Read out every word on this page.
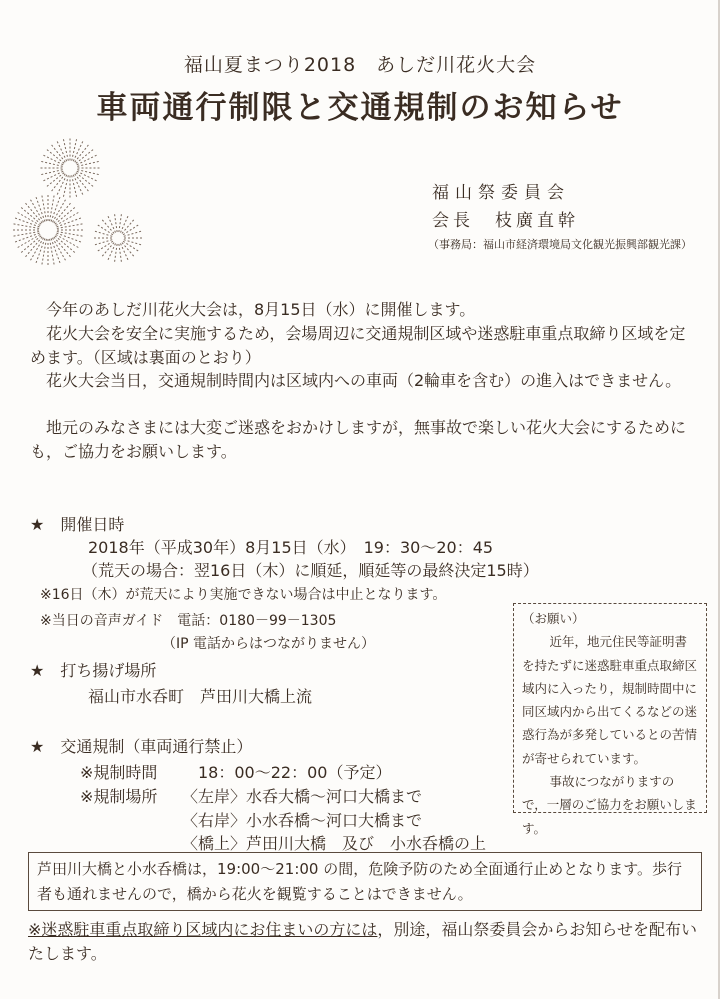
福山夏まつり2018　あしだ川花火大会
車両通行制限と交通規制のお知らせ
福山祭委員会
会長　枝廣直幹
（事務局：福山市経済環境局文化観光振興部観光課）
今年のあしだ川花火大会は，8月15日（水）に開催します。
花火大会を安全に実施するため，会場周辺に交通規制区域や迷惑駐車重点取締り区域を定めます。（区域は裏面のとおり）
花火大会当日，交通規制時間内は区域内への車両（2輪車を含む）の進入はできません。
地元のみなさまには大変ご迷惑をおかけしますが，無事故で楽しい花火大会にするためにも，ご協力をお願いします。
★　開催日時
2018年（平成30年）8月15日（水）　19：30～20：45
（荒天の場合：翌16日（木）に順延，順延等の最終決定15時）
※16日（木）が荒天により実施できない場合は中止となります。
※当日の音声ガイド　電話：0180－99－1305
（IP 電話からはつながりません）
★　打ち揚げ場所
福山市水呑町　芦田川大橋上流
★　交通規制（車両通行禁止）
※規制時間	18：00～22：00（予定）
※規制場所 〈左岸〉水呑大橋～河口大橋まで
〈右岸〉小水呑橋～河口大橋まで
〈橋上〉芦田川大橋　及び　小水呑橋の上
（お願い）
近年，地元住民等証明書を持たずに迷惑駐車重点取締区域内に入ったり，規制時間中に同区域内から出てくるなどの迷惑行為が多発しているとの苦情が寄せられています。
事故につながりますので，一層のご協力をお願いします。
芦田川大橋と小水呑橋は，19:00～21:00 の間，危険予防のため全面通行止めとなります。歩行者も通れませんので，橋から花火を観覧することはできません。
※迷惑駐車重点取締り区域内にお住まいの方には，別途，福山祭委員会からお知らせを配布いたします。
